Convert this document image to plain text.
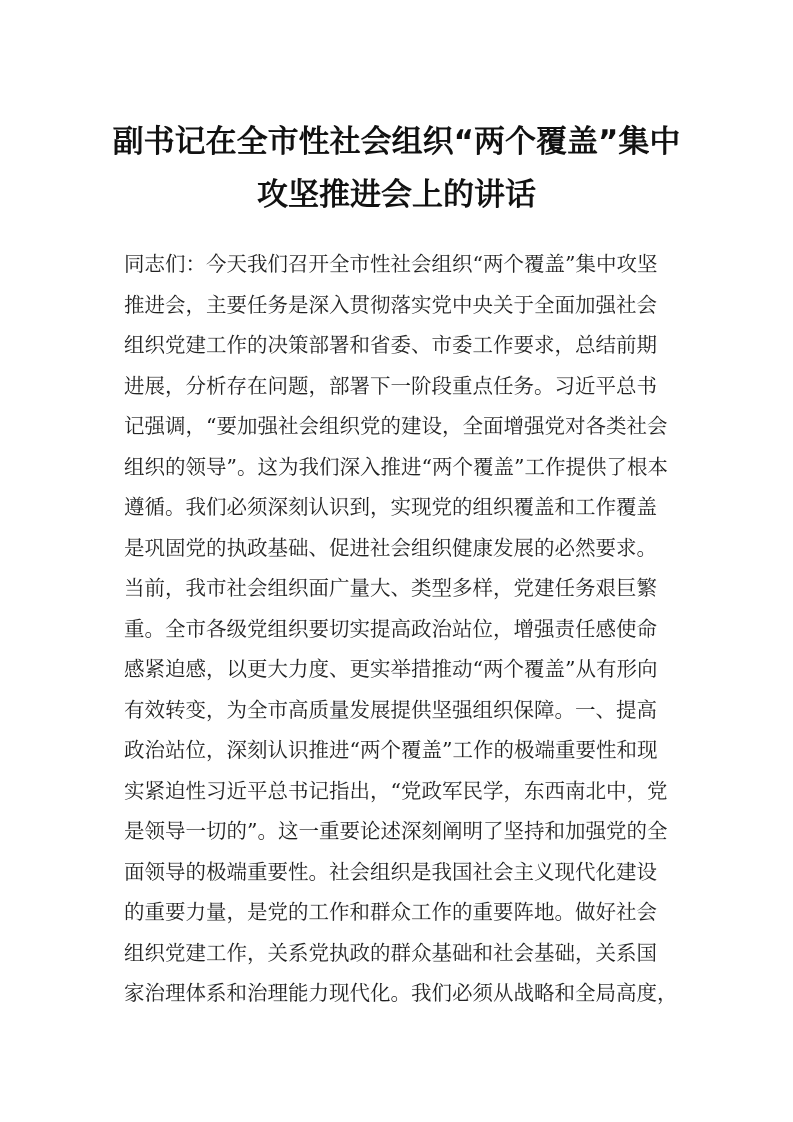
副书记在全市性社会组织“两个覆盖”集中
攻坚推进会上的讲话
同志们：今天我们召开全市性社会组织“两个覆盖”集中攻坚
推进会，主要任务是深入贯彻落实党中央关于全面加强社会
组织党建工作的决策部署和省委、市委工作要求，总结前期
进展，分析存在问题，部署下一阶段重点任务。习近平总书
记强调，“要加强社会组织党的建设，全面增强党对各类社会
组织的领导”。这为我们深入推进“两个覆盖”工作提供了根本
遵循。我们必须深刻认识到，实现党的组织覆盖和工作覆盖
是巩固党的执政基础、促进社会组织健康发展的必然要求。
当前，我市社会组织面广量大、类型多样，党建任务艰巨繁
重。全市各级党组织要切实提高政治站位，增强责任感使命
感紧迫感，以更大力度、更实举措推动“两个覆盖”从有形向
有效转变，为全市高质量发展提供坚强组织保障。一、提高
政治站位，深刻认识推进“两个覆盖”工作的极端重要性和现
实紧迫性习近平总书记指出，“党政军民学，东西南北中，党
是领导一切的”。这一重要论述深刻阐明了坚持和加强党的全
面领导的极端重要性。社会组织是我国社会主义现代化建设
的重要力量，是党的工作和群众工作的重要阵地。做好社会
组织党建工作，关系党执政的群众基础和社会基础，关系国
家治理体系和治理能力现代化。我们必须从战略和全局高度，
